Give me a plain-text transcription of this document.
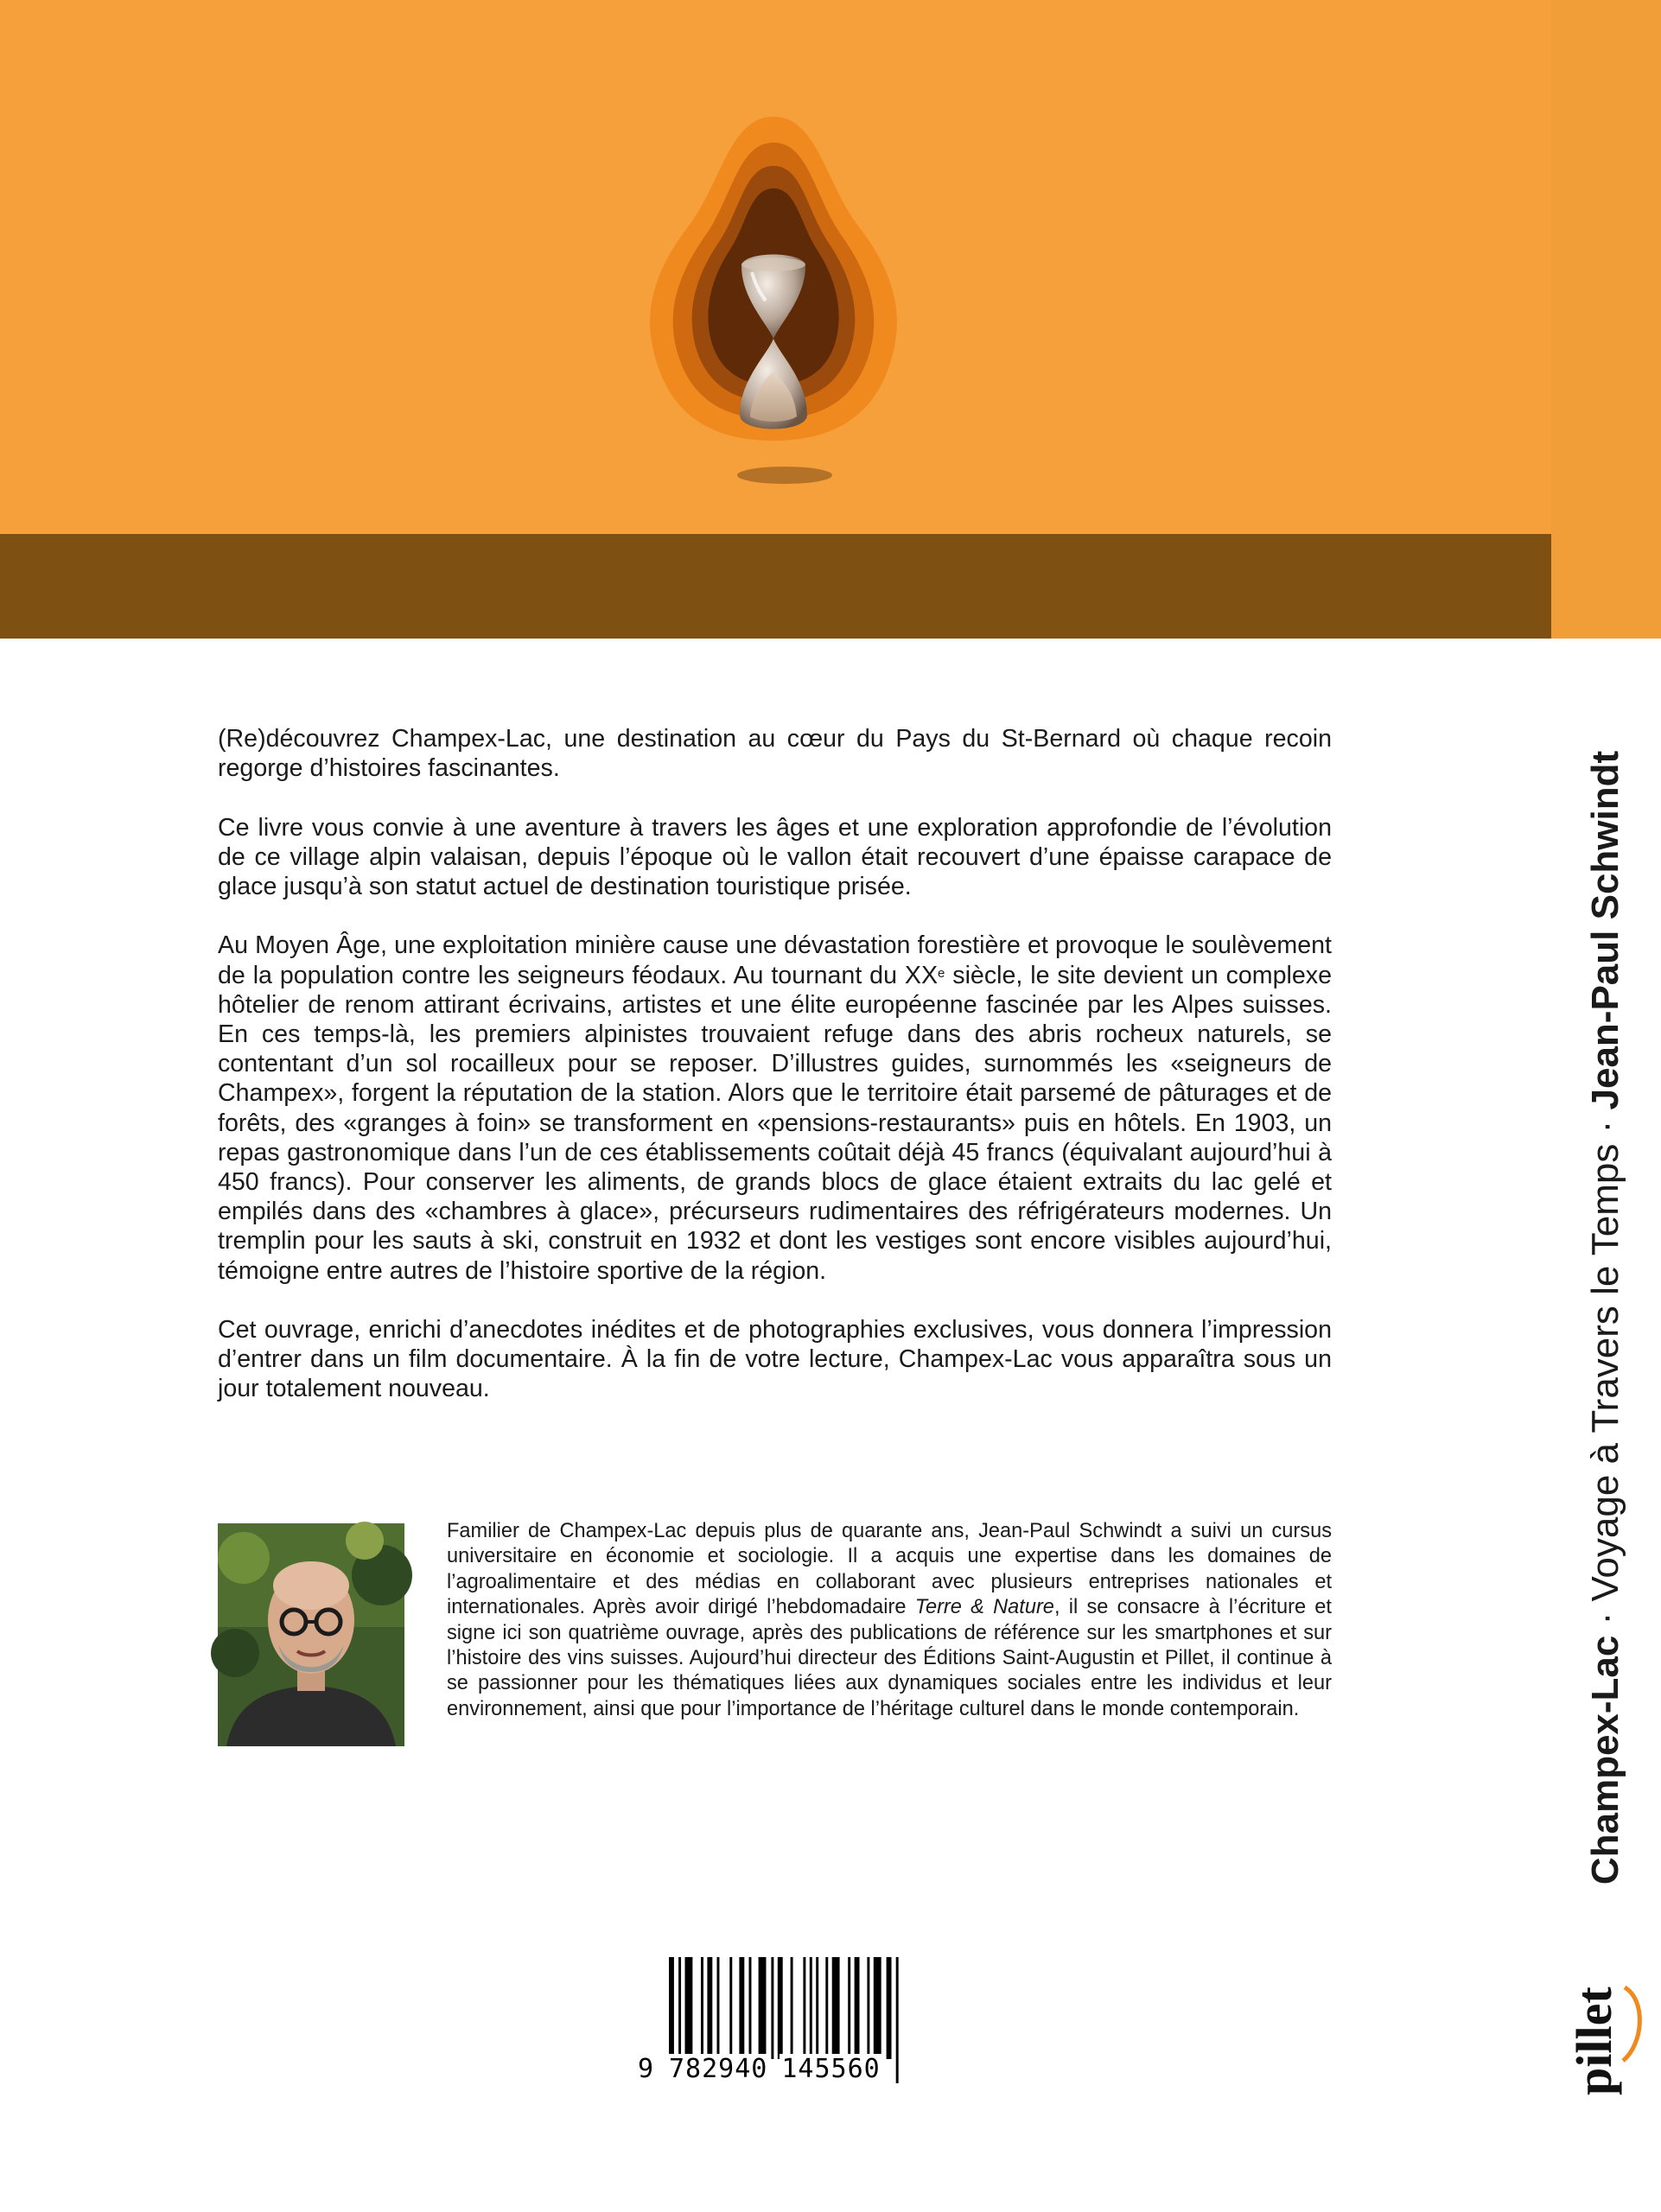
(Re)découvrez Champex-Lac, une destination au cœur du Pays du St-Bernard où chaque recoin regorge d’histoires fascinantes.

Ce livre vous convie à une aventure à travers les âges et une exploration approfondie de l’évolution de ce village alpin valaisan, depuis l’époque où le vallon était recouvert d’une épaisse carapace de glace jusqu’à son statut actuel de destination touristique prisée.

Au Moyen Âge, une exploitation minière cause une dévastation forestière et provoque le soulèvement de la population contre les seigneurs féodaux. Au tournant du XXe siècle, le site devient un complexe hôtelier de renom attirant écrivains, artistes et une élite européenne fascinée par les Alpes suisses. En ces temps-là, les premiers alpinistes trouvaient refuge dans des abris rocheux naturels, se contentant d’un sol rocailleux pour se reposer. D’illustres guides, surnommés les «seigneurs de Champex», forgent la réputation de la station. Alors que le territoire était parsemé de pâturages et de forêts, des «granges à foin» se transforment en «pensions-restaurants» puis en hôtels. En 1903, un repas gastronomique dans l’un de ces établissements coûtait déjà 45 francs (équivalant aujourd’hui à 450 francs). Pour conserver les aliments, de grands blocs de glace étaient extraits du lac gelé et empilés dans des «chambres à glace», précurseurs rudimentaires des réfrigérateurs modernes. Un tremplin pour les sauts à ski, construit en 1932 et dont les vestiges sont encore visibles aujourd’hui, témoigne entre autres de l’histoire sportive de la région.

Cet ouvrage, enrichi d’anecdotes inédites et de photographies exclusives, vous donnera l’impression d’entrer dans un film documentaire. À la fin de votre lecture, Champex-Lac vous apparaîtra sous un jour totalement nouveau.

Familier de Champex-Lac depuis plus de quarante ans, Jean-Paul Schwindt a suivi un cursus universitaire en économie et sociologie. Il a acquis une expertise dans les domaines de l’agroalimentaire et des médias en collaborant avec plusieurs entreprises nationales et internationales. Après avoir dirigé l’hebdomadaire Terre & Nature, il se consacre à l’écriture et signe ici son quatrième ouvrage, après des publications de référence sur les smartphones et sur l’histoire des vins suisses. Aujourd’hui directeur des Éditions Saint-Augustin et Pillet, il continue à se passionner pour les thématiques liées aux dynamiques sociales entre les individus et leur environnement, ainsi que pour l’importance de l’héritage culturel dans le monde contemporain.	Champex-Lac · Voyage à Travers le Temps · Jean-Paul Schwindt
pillet
9 782940 145560
